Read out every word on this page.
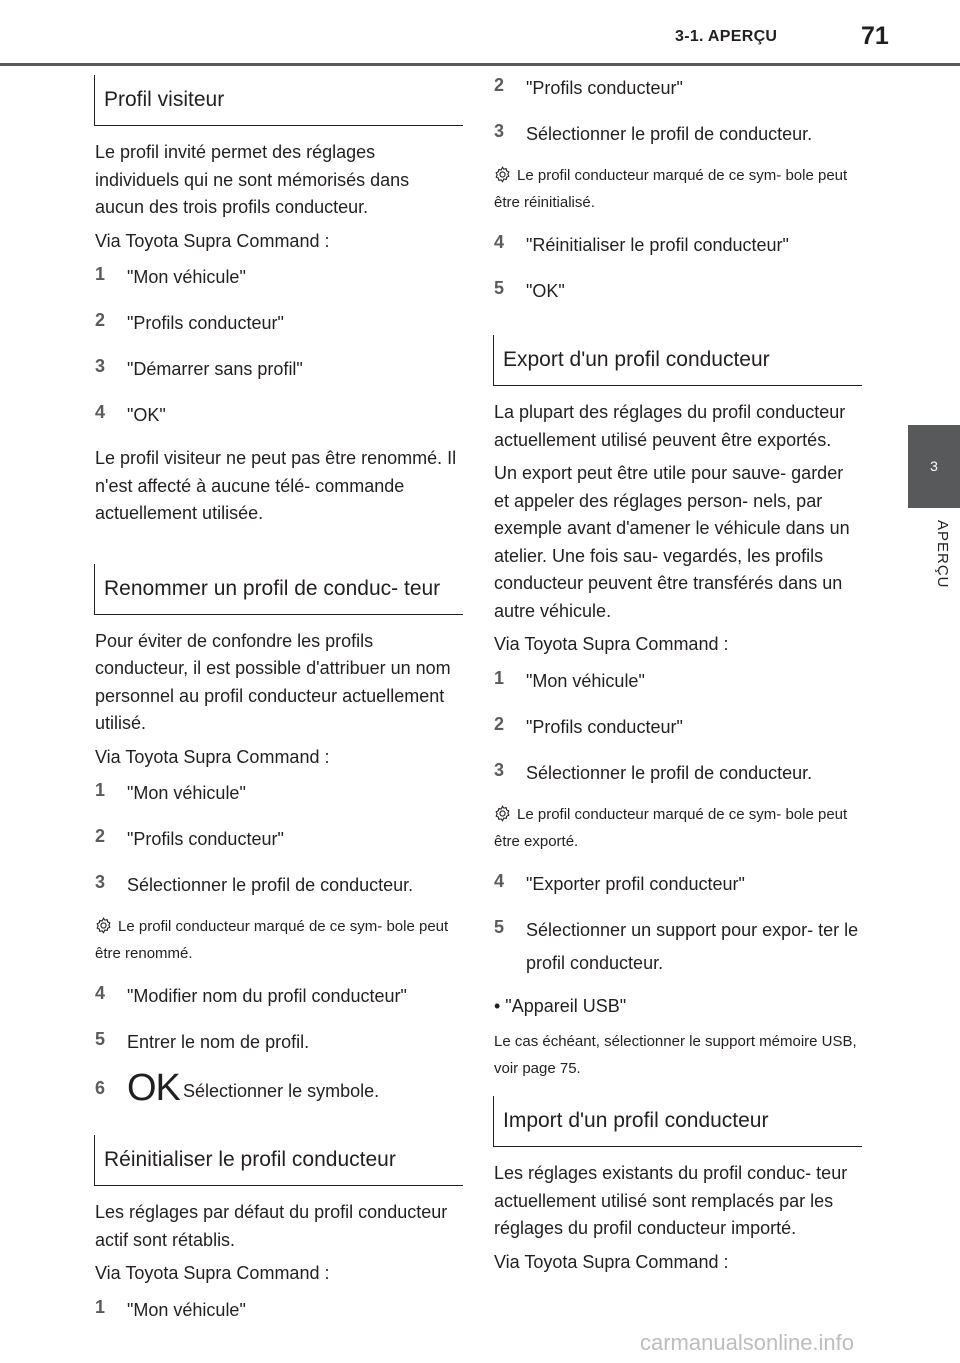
3-1. APERÇU	71
3
APERÇU
Profil visiteur

Le profil invité permet des réglages individuels qui ne sont mémorisés dans aucun des trois profils conducteur.

Via Toyota Supra Command :

1	"Mon véhicule"
2	"Profils conducteur"
3	"Démarrer sans profil"
4	"OK"

Le profil visiteur ne peut pas être renommé. Il n'est affecté à aucune télé- commande actuellement utilisée.

Renommer un profil de conduc- teur

Pour éviter de confondre les profils conducteur, il est possible d'attribuer un nom personnel au profil conducteur actuellement utilisé.

Via Toyota Supra Command :

1	"Mon véhicule"
2	"Profils conducteur"
3	Sélectionner le profil de conducteur.
Le profil conducteur marqué de ce sym- bole peut être renommé.
4	"Modifier nom du profil conducteur"
5	Entrer le nom de profil.
6 OK Sélectionner le symbole.
Réinitialiser le profil conducteur

Les réglages par défaut du profil conducteur actif sont rétablis.

Via Toyota Supra Command :

1	"Mon véhicule"
2	"Profils conducteur"
3	Sélectionner le profil de conducteur.
Le profil conducteur marqué de ce sym- bole peut être réinitialisé.
4	"Réinitialiser le profil conducteur"
5	"OK"
Export d'un profil conducteur

La plupart des réglages du profil conducteur actuellement utilisé peuvent être exportés.

Un export peut être utile pour sauve- garder et appeler des réglages person- nels, par exemple avant d'amener le véhicule dans un atelier. Une fois sau- vegardés, les profils conducteur peuvent être transférés dans un autre véhicule.

Via Toyota Supra Command :

1	"Mon véhicule"
2	"Profils conducteur"
3	Sélectionner le profil de conducteur.
Le profil conducteur marqué de ce sym- bole peut être exporté.
4	"Exporter profil conducteur"
5	Sélectionner un support pour expor- ter le profil conducteur.
• "Appareil USB"

Le cas échéant, sélectionner le support mémoire USB, voir page 75.

Import d'un profil conducteur

Les réglages existants du profil conduc- teur actuellement utilisé sont remplacés par les réglages du profil conducteur importé.

Via Toyota Supra Command :

carmanualsonline.info
